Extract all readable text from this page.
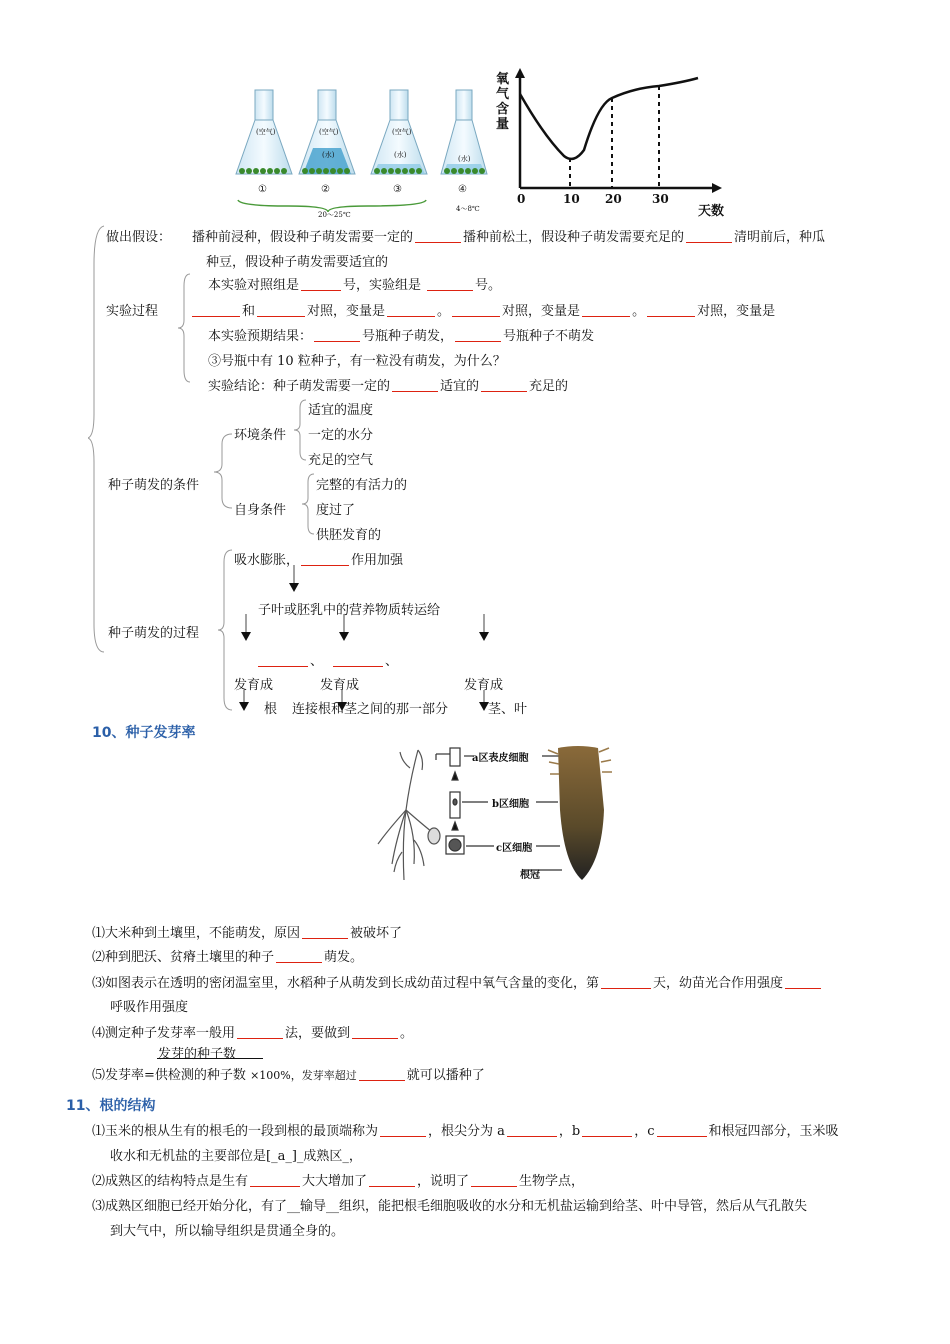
(空气)	(空气)
(水)
(空气)
(水)	(水)
①	②	③	④
20～25℃
4～8℃
氧
气
含
量
0	10 20	30
天数
做出假设： 播种前浸种，假设种子萌发需要一定的	播种前松土，假设种子萌发需要充足的	清明前后，种瓜
种豆，假设种子萌发需要适宜的
实验过程
本实验对照组是	号，实验组是	号。
和	对照，变量是	。	对照，变量是	。	对照，变量是
本实验预期结果：	号瓶种子萌发，	号瓶种子不萌发
③号瓶中有 10 粒种子，有一粒没有萌发，为什么？
实验结论：种子萌发需要一定的	适宜的	充足的
种子萌发的条件
环境条件
适宜的温度
一定的水分
充足的空气
自身条件
完整的有活力的
度过了
供胚发育的
种子萌发的过程
吸水膨胀，	作用加强
子叶或胚乳中的营养物质转运给
、	、
发育成	发育成	发育成
根 连接根和茎之间的那一部分	茎、叶
10、种子发芽率
a区表皮细胞
b区细胞
c区细胞
根冠
⑴大米种到土壤里，不能萌发，原因	被破坏了
⑵种到肥沃、贫瘠土壤里的种子	萌发。
⑶如图表示在透明的密闭温室里，水稻种子从萌发到长成幼苗过程中氧气含量的变化，第	天，幼苗光合作用强度
呼吸作用强度
⑷测定种子发芽率一般用	法，要做到	。
发芽的种子数
⑸发芽率=供检测的种子数 ×100%，发芽率超过	就可以播种了
11、根的结构
⑴玉米的根从生有的根毛的一段到根的最顶端称为	，根尖分为 a	，b	，c	和根冠四部分，玉米吸
收水和无机盐的主要部位是[_a_]_成熟区_，
⑵成熟区的结构特点是生有	大大增加了	，说明了	生物学点，
⑶成熟区细胞已经开始分化，有了__输导__组织，能把根毛细胞吸收的水分和无机盐运输到给茎、叶中导管，然后从气孔散失
到大气中，所以输导组织是贯通全身的。
